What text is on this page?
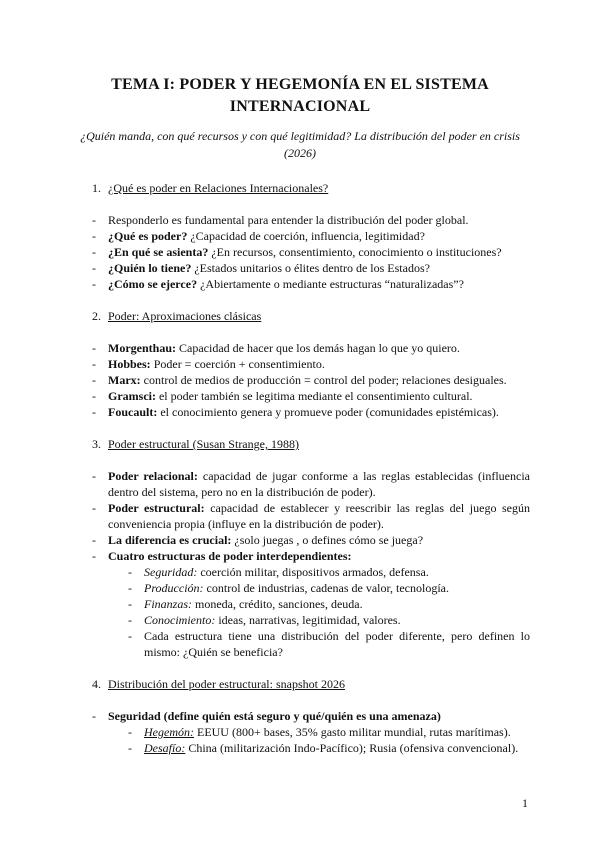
TEMA I: PODER Y HEGEMONÍA EN EL SISTEMA INTERNACIONAL
¿Quién manda, con qué recursos y con qué legitimidad? La distribución del poder en crisis (2026)
1. ¿Qué es poder en Relaciones Internacionales?
- Responderlo es fundamental para entender la distribución del poder global.
- ¿Qué es poder? ¿Capacidad de coerción, influencia, legitimidad?
- ¿En qué se asienta? ¿En recursos, consentimiento, conocimiento o instituciones?
- ¿Quién lo tiene? ¿Estados unitarios o élites dentro de los Estados?
- ¿Cómo se ejerce? ¿Abiertamente o mediante estructuras “naturalizadas”?
2. Poder: Aproximaciones clásicas
- Morgenthau: Capacidad de hacer que los demás hagan lo que yo quiero.
- Hobbes: Poder = coerción + consentimiento.
- Marx: control de medios de producción = control del poder; relaciones desiguales.
- Gramsci: el poder también se legitima mediante el consentimiento cultural.
- Foucault: el conocimiento genera y promueve poder (comunidades epistémicas).
3. Poder estructural (Susan Strange, 1988)
- Poder relacional: capacidad de jugar conforme a las reglas establecidas (influencia dentro del sistema, pero no en la distribución de poder).
- Poder estructural: capacidad de establecer y reescribir las reglas del juego según conveniencia propia (influye en la distribución de poder).
- La diferencia es crucial: ¿solo juegas , o defines cómo se juega?
- Cuatro estructuras de poder interdependientes:
- Seguridad: coerción militar, dispositivos armados, defensa.
- Producción: control de industrias, cadenas de valor, tecnología.
- Finanzas: moneda, crédito, sanciones, deuda.
- Conocimiento: ideas, narrativas, legitimidad, valores.
- Cada estructura tiene una distribución del poder diferente, pero definen lo mismo: ¿Quién se beneficia?
4. Distribución del poder estructural: snapshot 2026
- Seguridad (define quién está seguro y qué/quién es una amenaza)
- Hegemón: EEUU (800+ bases, 35% gasto militar mundial, rutas marítimas).
- Desafío: China (militarización Indo-Pacífico); Rusia (ofensiva convencional).
1
